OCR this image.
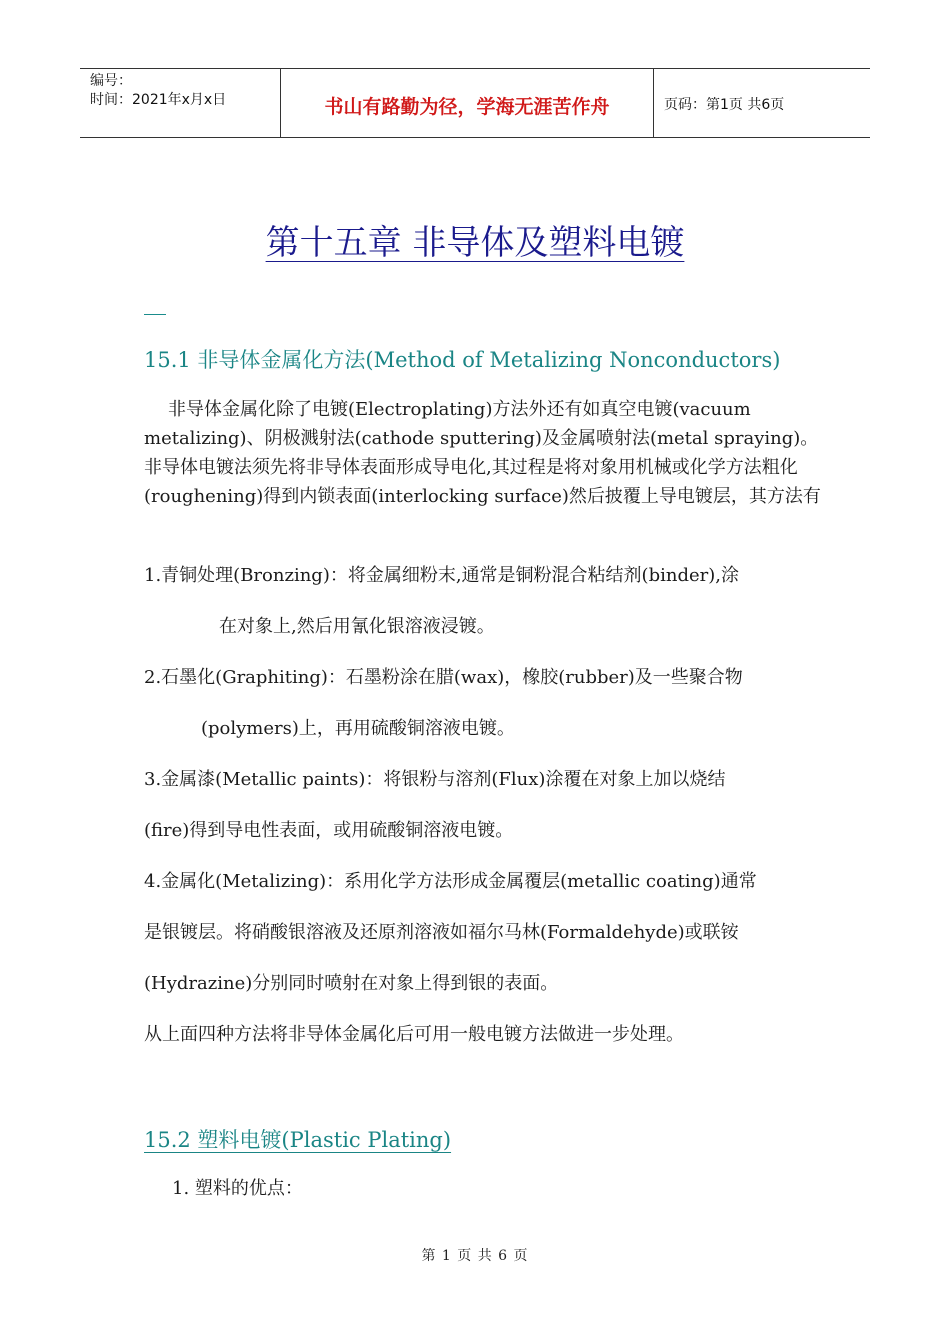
编号：
时间：2021年x月x日	书山有路勤为径，学海无涯苦作舟	页码：第1页 共6页
第十五章 非导体及塑料电镀
15.1 非导体金属化方法(Method of Metalizing Nonconductors)
非导体金属化除了电镀(Electroplating)方法外还有如真空电镀(vacuum metalizing)、阴极溅射法(cathode sputtering)及金属喷射法(metal spraying)。非导体电镀法须先将非导体表面形成导电化,其过程是将对象用机械或化学方法粗化(roughening)得到内锁表面(interlocking surface)然后披覆上导电镀层，其方法有
1.青铜处理(Bronzing)：将金属细粉末,通常是铜粉混合粘结剂(binder),涂
在对象上,然后用氰化银溶液浸镀。
2.石墨化(Graphiting)：石墨粉涂在腊(wax)，橡胶(rubber)及一些聚合物
(polymers)上，再用硫酸铜溶液电镀。
3.金属漆(Metallic paints)：将银粉与溶剂(Flux)涂覆在对象上加以烧结
(fire)得到导电性表面，或用硫酸铜溶液电镀。
4.金属化(Metalizing)：系用化学方法形成金属覆层(metallic coating)通常
是银镀层。将硝酸银溶液及还原剂溶液如福尔马林(Formaldehyde)或联铵
(Hydrazine)分别同时喷射在对象上得到银的表面。
从上面四种方法将非导体金属化后可用一般电镀方法做进一步处理。
15.2 塑料电镀(Plastic Plating)
1. 塑料的优点：
第 1 页 共 6 页
